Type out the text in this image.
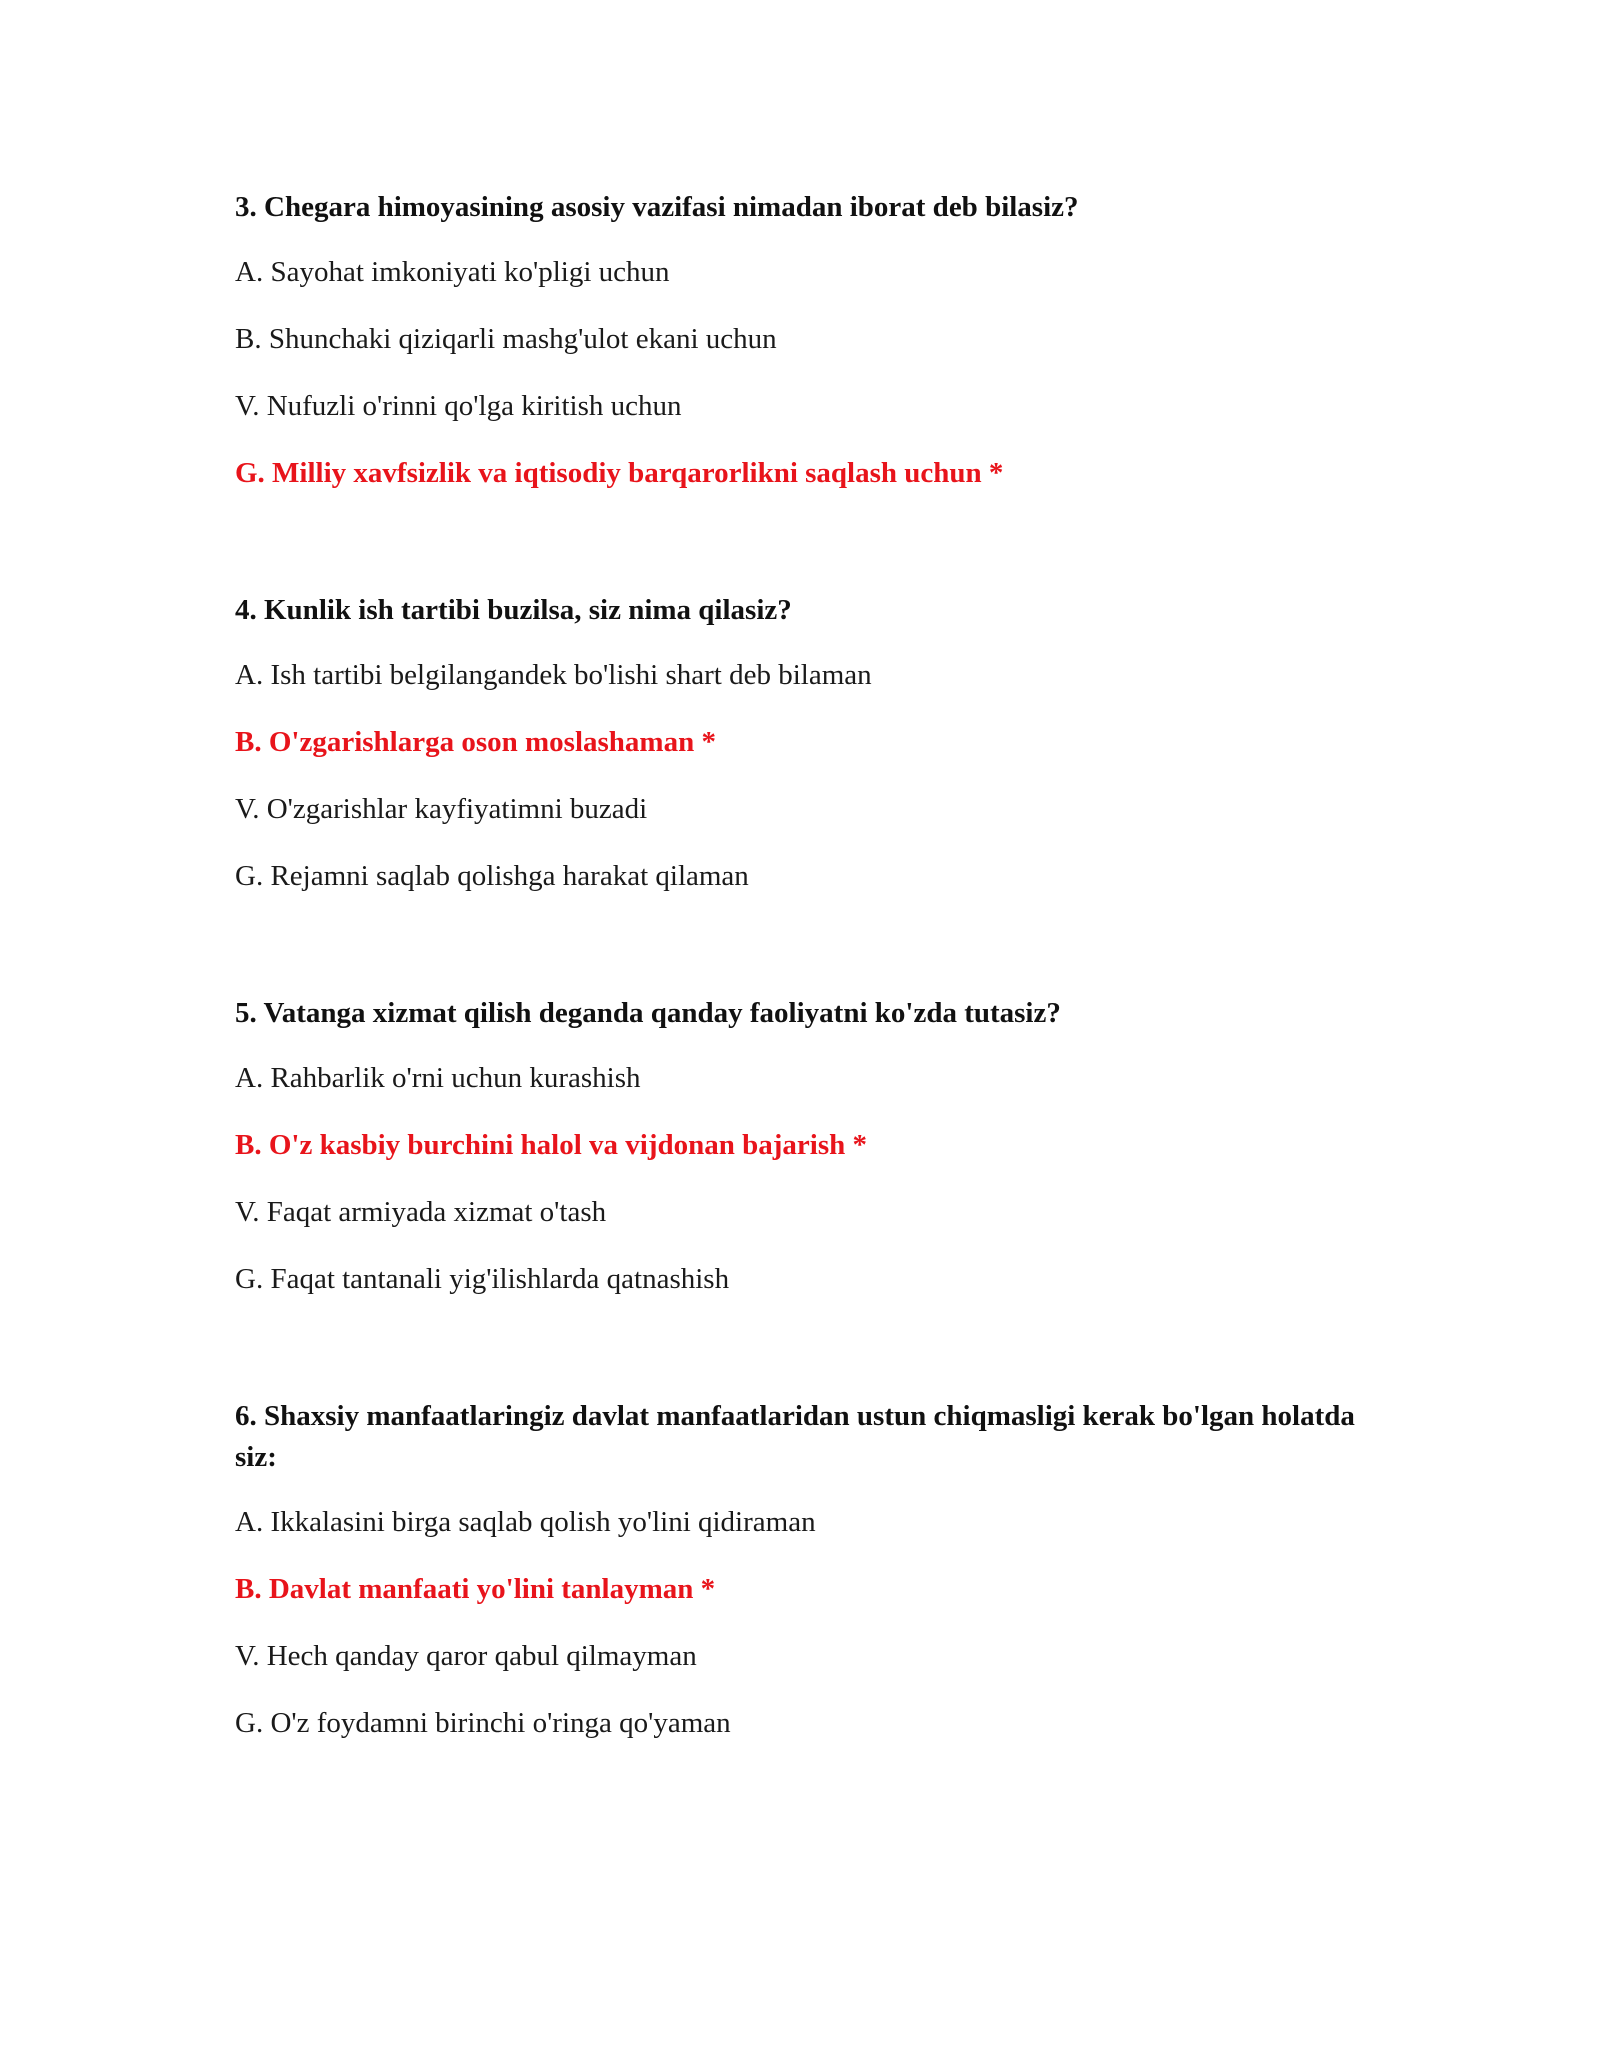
3. Chegara himoyasining asosiy vazifasi nimadan iborat deb bilasiz?

A. Sayohat imkoniyati ko'pligi uchun

B. Shunchaki qiziqarli mashg'ulot ekani uchun

V. Nufuzli o'rinni qo'lga kiritish uchun

G. Milliy xavfsizlik va iqtisodiy barqarorlikni saqlash uchun *

4. Kunlik ish tartibi buzilsa, siz nima qilasiz?

A. Ish tartibi belgilangandek bo'lishi shart deb bilaman

B. O'zgarishlarga oson moslashaman *

V. O'zgarishlar kayfiyatimni buzadi

G. Rejamni saqlab qolishga harakat qilaman

5. Vatanga xizmat qilish deganda qanday faoliyatni ko'zda tutasiz?

A. Rahbarlik o'rni uchun kurashish

B. O'z kasbiy burchini halol va vijdonan bajarish *

V. Faqat armiyada xizmat o'tash

G. Faqat tantanali yig'ilishlarda qatnashish

6. Shaxsiy manfaatlaringiz davlat manfaatlaridan ustun chiqmasligi kerak bo'lgan holatda siz:

A. Ikkalasini birga saqlab qolish yo'lini qidiraman

B. Davlat manfaati yo'lini tanlayman *

V. Hech qanday qaror qabul qilmayman

G. O'z foydamni birinchi o'ringa qo'yaman
